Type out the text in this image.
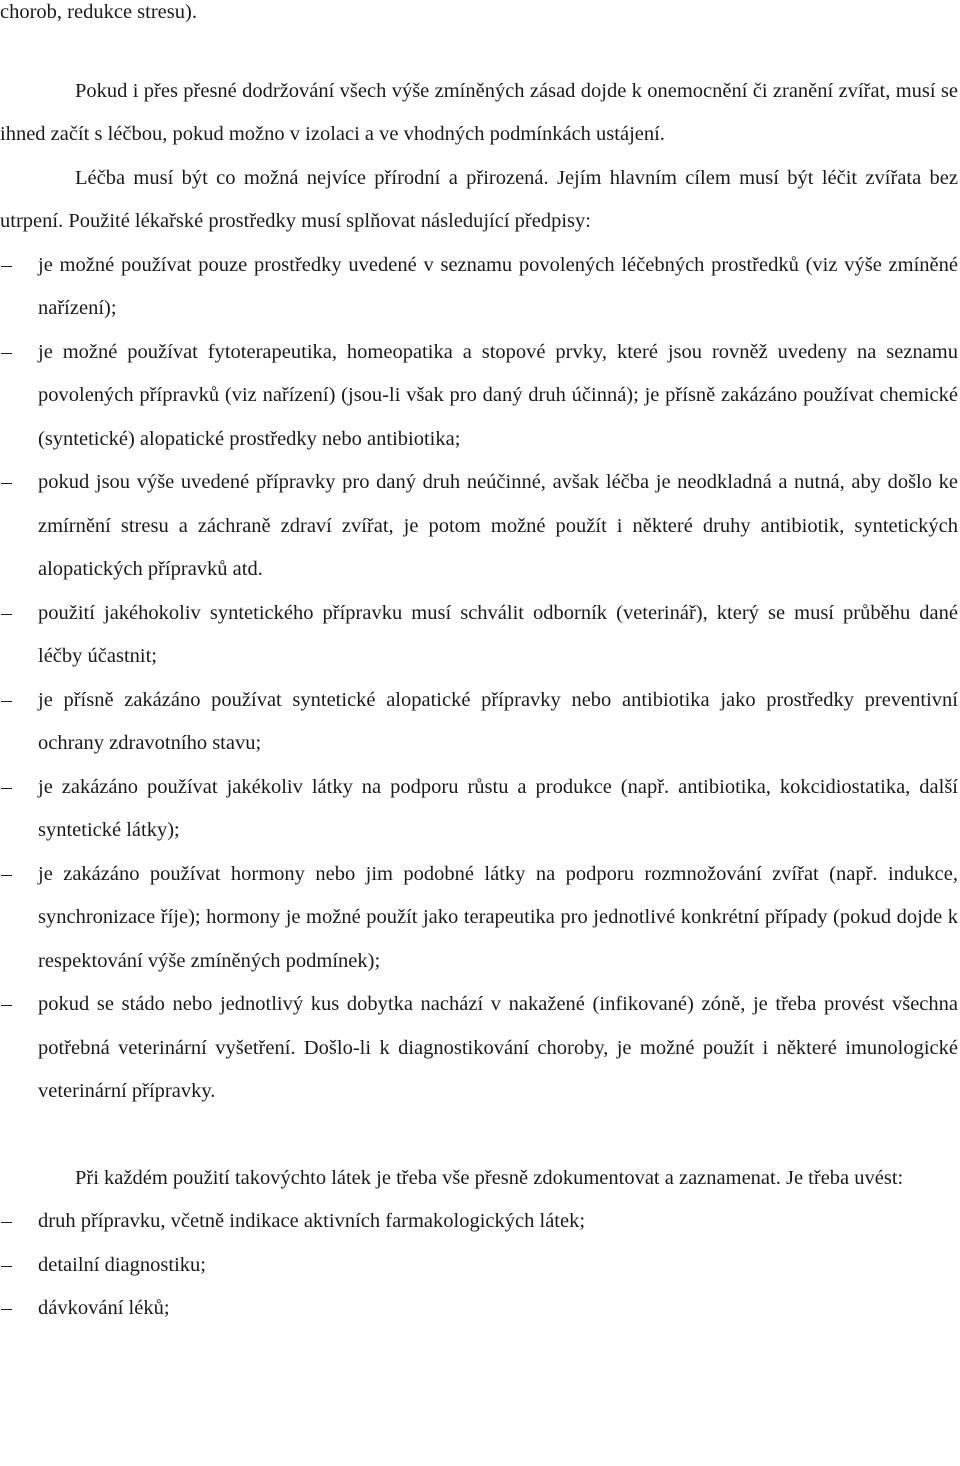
chorob, redukce stresu).

Pokud i přes přesné dodržování všech výše zmíněných zásad dojde k onemocnění či zranění zvířat, musí se ihned začít s léčbou, pokud možno v izolaci a ve vhodných podmínkách ustájení.

Léčba musí být co možná nejvíce přírodní a přirozená. Jejím hlavním cílem musí být léčit zvířata bez utrpení. Použité lékařské prostředky musí splňovat následující předpisy:

je možné používat pouze prostředky uvedené v seznamu povolených léčebných prostředků (viz výše zmíněné nařízení);
je možné používat fytoterapeutika, homeopatika a stopové prvky, které jsou rovněž uvedeny na seznamu povolených přípravků (viz nařízení) (jsou-li však pro daný druh účinná); je přísně zakázáno používat chemické (syntetické) alopatické prostředky nebo antibiotika;
pokud jsou výše uvedené přípravky pro daný druh neúčinné, avšak léčba je neodkladná a nutná, aby došlo ke zmírnění stresu a záchraně zdraví zvířat, je potom možné použít i některé druhy antibiotik, syntetických alopatických přípravků atd.
použití jakéhokoliv syntetického přípravku musí schválit odborník (veterinář), který se musí průběhu dané léčby účastnit;
je přísně zakázáno používat syntetické alopatické přípravky nebo antibiotika jako prostředky preventivní ochrany zdravotního stavu;
je zakázáno používat jakékoliv látky na podporu růstu a produkce (např. antibiotika, kokcidiostatika, další syntetické látky);
je zakázáno používat hormony nebo jim podobné látky na podporu rozmnožování zvířat (např. indukce, synchronizace říje); hormony je možné použít jako terapeutika pro jednotlivé konkrétní případy (pokud dojde k respektování výše zmíněných podmínek);
pokud se stádo nebo jednotlivý kus dobytka nachází v nakažené (infikované) zóně, je třeba provést všechna potřebná veterinární vyšetření. Došlo-li k diagnostikování choroby, je možné použít i některé imunologické veterinární přípravky.

Při každém použití takovýchto látek je třeba vše přesně zdokumentovat a zaznamenat. Je třeba uvést:

druh přípravku, včetně indikace aktivních farmakologických látek;
detailní diagnostiku;
dávkování léků;
